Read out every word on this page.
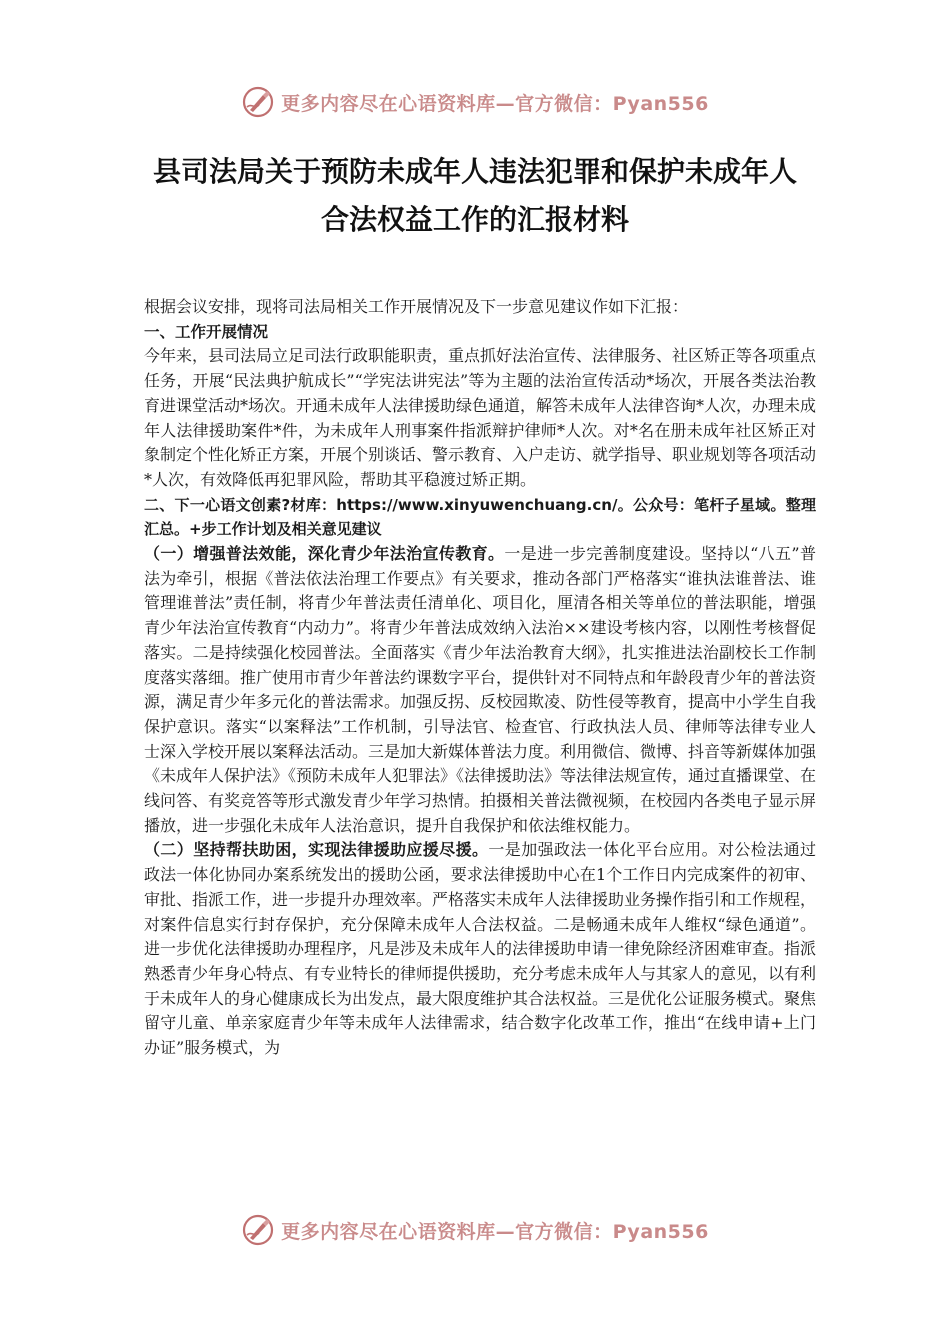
更多内容尽在心语资料库—官方微信：Pyan556
县司法局关于预防未成年人违法犯罪和保护未成年人
合法权益工作的汇报材料

根据会议安排，现将司法局相关工作开展情况及下一步意见建议作如下汇报：

一、工作开展情况

今年来，县司法局立足司法行政职能职责，重点抓好法治宣传、法律服务、社区矫正等各项重点任务，开展“民法典护航成长”“学宪法讲宪法”等为主题的法治宣传活动*场次，开展各类法治教育进课堂活动*场次。开通未成年人法律援助绿色通道，解答未成年人法律咨询*人次，办理未成年人法律援助案件*件，为未成年人刑事案件指派辩护律师*人次。对*名在册未成年社区矫正对象制定个性化矫正方案，开展个别谈话、警示教育、入户走访、就学指导、职业规划等各项活动*人次，有效降低再犯罪风险，帮助其平稳渡过矫正期。

二、下一心语文创素?材库：https://www.xinyuwenchuang.cn/。公众号：笔杆子星域。整理汇总。+步工作计划及相关意见建议

（一）增强普法效能，深化青少年法治宣传教育。一是进一步完善制度建设。坚持以“八五”普法为牵引，根据《普法依法治理工作要点》有关要求，推动各部门严格落实“谁执法谁普法、谁管理谁普法”责任制，将青少年普法责任清单化、项目化，厘清各相关等单位的普法职能，增强青少年法治宣传教育“内动力”。将青少年普法成效纳入法治××建设考核内容，以刚性考核督促落实。二是持续强化校园普法。全面落实《青少年法治教育大纲》，扎实推进法治副校长工作制度落实落细。推广使用市青少年普法约课数字平台，提供针对不同特点和年龄段青少年的普法资源，满足青少年多元化的普法需求。加强反拐、反校园欺凌、防性侵等教育，提高中小学生自我保护意识。落实“以案释法”工作机制，引导法官、检查官、行政执法人员、律师等法律专业人士深入学校开展以案释法活动。三是加大新媒体普法力度。利用微信、微博、抖音等新媒体加强《未成年人保护法》《预防未成年人犯罪法》《法律援助法》等法律法规宣传，通过直播课堂、在线问答、有奖竞答等形式激发青少年学习热情。拍摄相关普法微视频，在校园内各类电子显示屏播放，进一步强化未成年人法治意识，提升自我保护和依法维权能力。

（二）坚持帮扶助困，实现法律援助应援尽援。一是加强政法一体化平台应用。对公检法通过政法一体化协同办案系统发出的援助公函，要求法律援助中心在1个工作日内完成案件的初审、审批、指派工作，进一步提升办理效率。严格落实未成年人法律援助业务操作指引和工作规程，对案件信息实行封存保护，充分保障未成年人合法权益。二是畅通未成年人维权“绿色通道”。进一步优化法律援助办理程序，凡是涉及未成年人的法律援助申请一律免除经济困难审查。指派熟悉青少年身心特点、有专业特长的律师提供援助，充分考虑未成年人与其家人的意见，以有利于未成年人的身心健康成长为出发点，最大限度维护其合法权益。三是优化公证服务模式。聚焦留守儿童、单亲家庭青少年等未成年人法律需求，结合数字化改革工作，推出“在线申请+上门办证”服务模式，为

更多内容尽在心语资料库—官方微信：Pyan556
